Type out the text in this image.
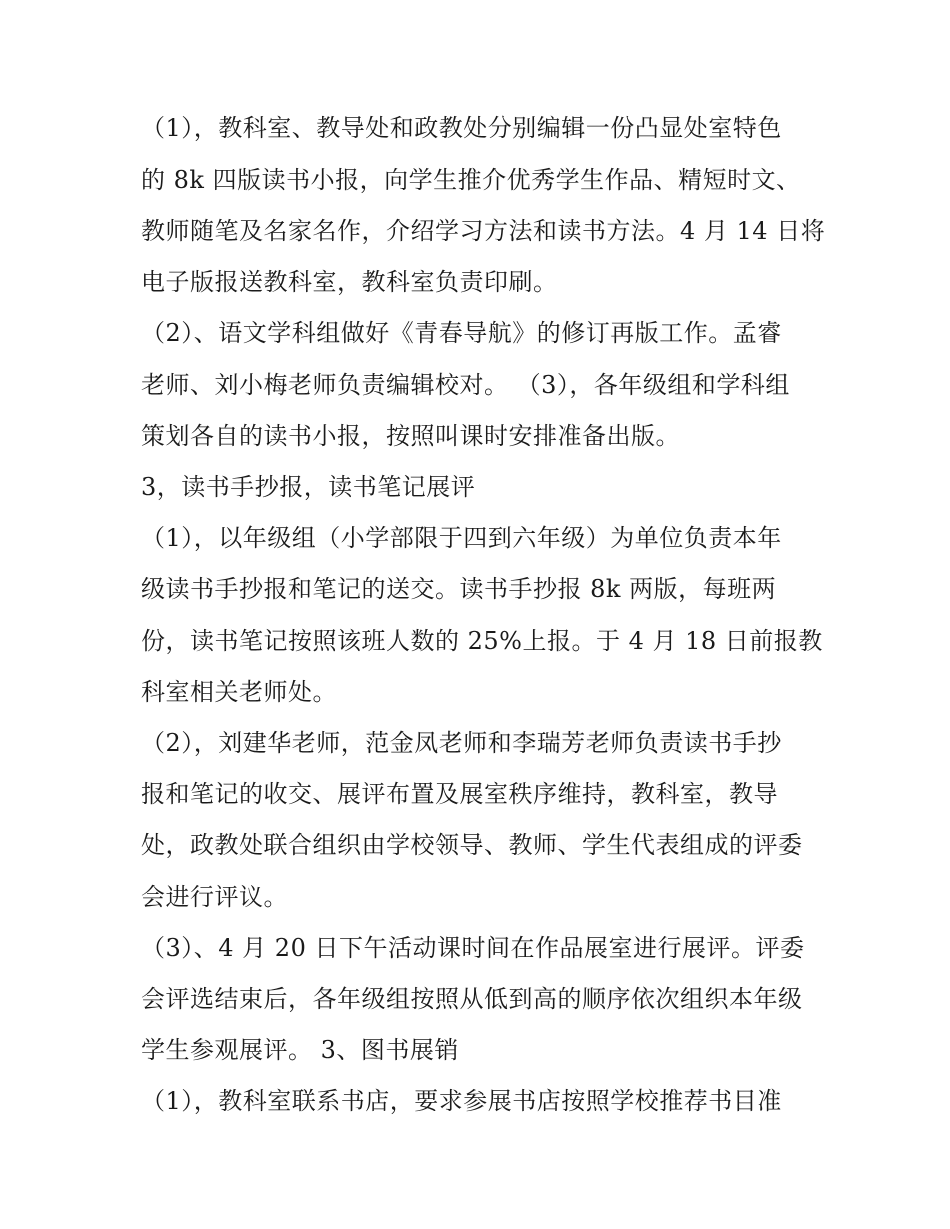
（1），教科室、教导处和政教处分别编辑一份凸显处室特色
的 8k 四版读书小报，向学生推介优秀学生作品、精短时文、
教师随笔及名家名作，介绍学习方法和读书方法。4 月 14 日将
电子版报送教科室，教科室负责印刷。
（2）、语文学科组做好《青春导航》的修订再版工作。孟睿
老师、刘小梅老师负责编辑校对。 （3），各年级组和学科组
策划各自的读书小报，按照叫课时安排准备出版。
3，读书手抄报，读书笔记展评
（1），以年级组（小学部限于四到六年级）为单位负责本年
级读书手抄报和笔记的送交。读书手抄报 8k 两版，每班两
份，读书笔记按照该班人数的 25%上报。于 4 月 18 日前报教
科室相关老师处。
（2），刘建华老师，范金凤老师和李瑞芳老师负责读书手抄
报和笔记的收交、展评布置及展室秩序维持，教科室，教导
处，政教处联合组织由学校领导、教师、学生代表组成的评委
会进行评议。
（3）、4 月 20 日下午活动课时间在作品展室进行展评。评委
会评选结束后，各年级组按照从低到高的顺序依次组织本年级
学生参观展评。 3、图书展销
（1），教科室联系书店，要求参展书店按照学校推荐书目准
